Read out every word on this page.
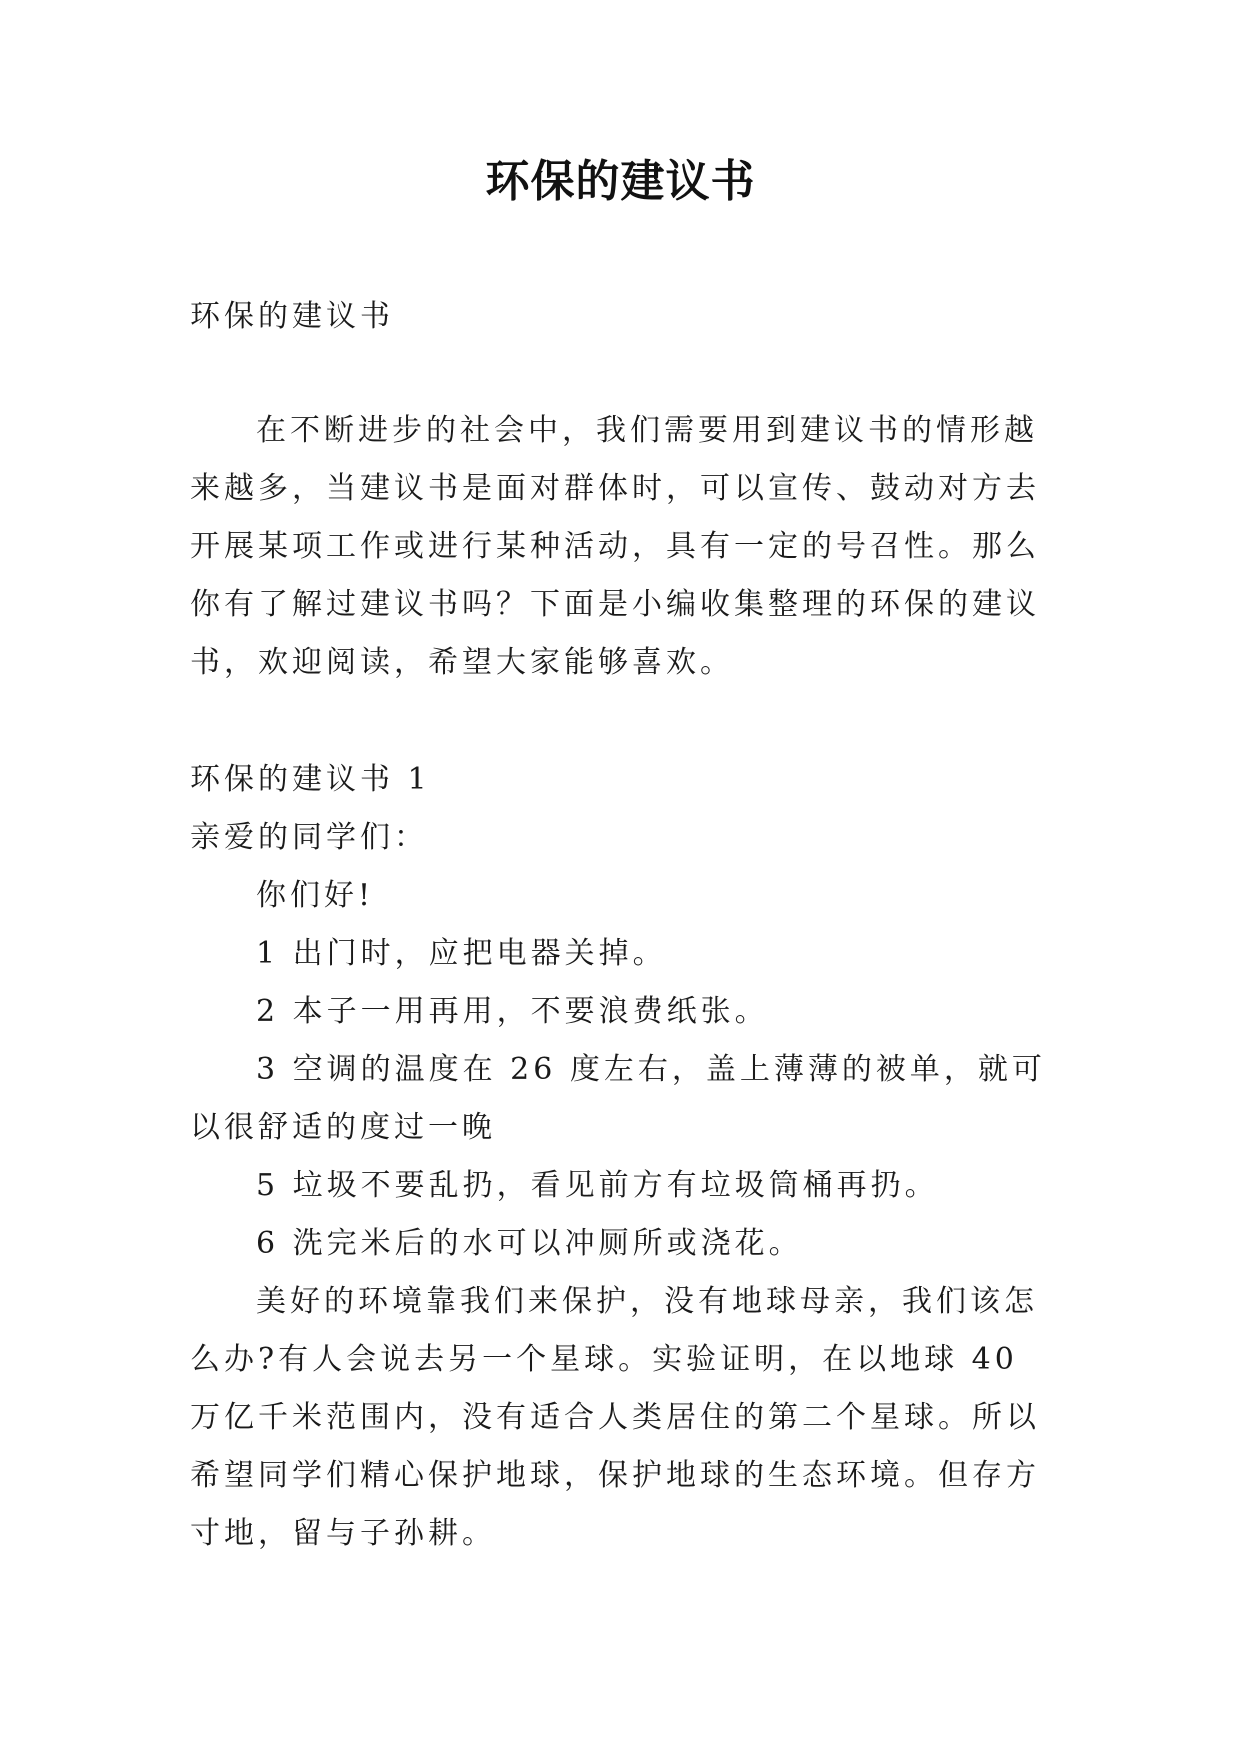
环保的建议书

环保的建议书

在不断进步的社会中，我们需要用到建议书的情形越来越多，当建议书是面对群体时，可以宣传、鼓动对方去开展某项工作或进行某种活动，具有一定的号召性。那么你有了解过建议书吗？下面是小编收集整理的环保的建议书，欢迎阅读，希望大家能够喜欢。

环保的建议书 1

亲爱的同学们：

你们好!

1 出门时，应把电器关掉。

2 本子一用再用，不要浪费纸张。

3 空调的温度在 26 度左右，盖上薄薄的被单，就可以很舒适的度过一晚

5 垃圾不要乱扔，看见前方有垃圾筒桶再扔。

6 洗完米后的水可以冲厕所或浇花。

美好的环境靠我们来保护，没有地球母亲，我们该怎么办?有人会说去另一个星球。实验证明，在以地球 40 万亿千米范围内，没有适合人类居住的第二个星球。所以希望同学们精心保护地球，保护地球的生态环境。但存方寸地，留与子孙耕。
